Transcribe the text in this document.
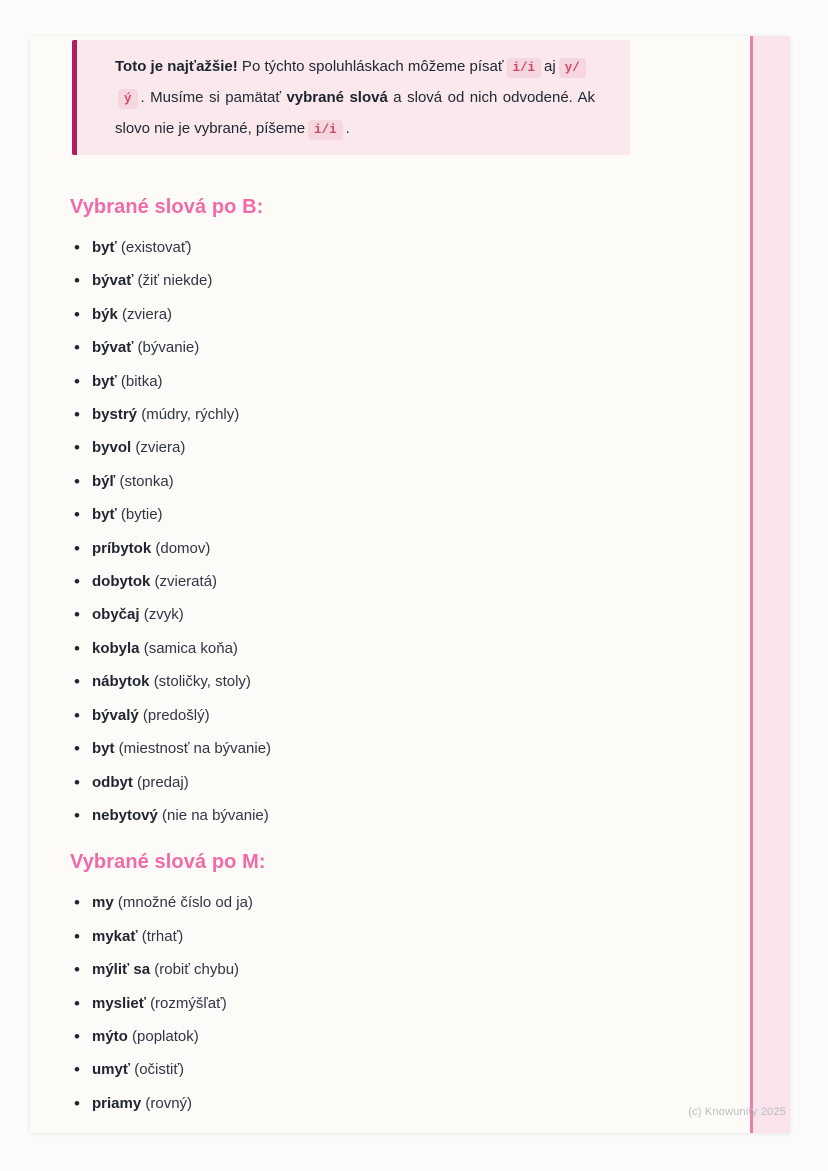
Toto je najťažšie! Po týchto spoluhláskach môžeme písať i/i aj y/ý . Musíme si pamätať vybrané slová a slová od nich odvodené. Ak slovo nie je vybrané, píšeme i/i .
Vybrané slová po B:
• byť (existovať)
• bývať (žiť niekde)
• býk (zviera)
• bývať (bývanie)
• byť (bitka)
• bystrý (múdry, rýchly)
• byvol (zviera)
• býľ (stonka)
• byť (bytie)
• príbytok (domov)
• dobytok (zvieratá)
• obyčaj (zvyk)
• kobyla (samica koňa)
• nábytok (stoličky, stoly)
• bývalý (predošlý)
• byt (miestnosť na bývanie)
• odbyt (predaj)
• nebytový (nie na bývanie)
Vybrané slová po M:
• my (množné číslo od ja)
• mykať (trhať)
• mýliť sa (robiť chybu)
• myslieť (rozmýšľať)
• mýto (poplatok)
• umyť (očistiť)
• priamy (rovný)
(c) Knowunity 2025
